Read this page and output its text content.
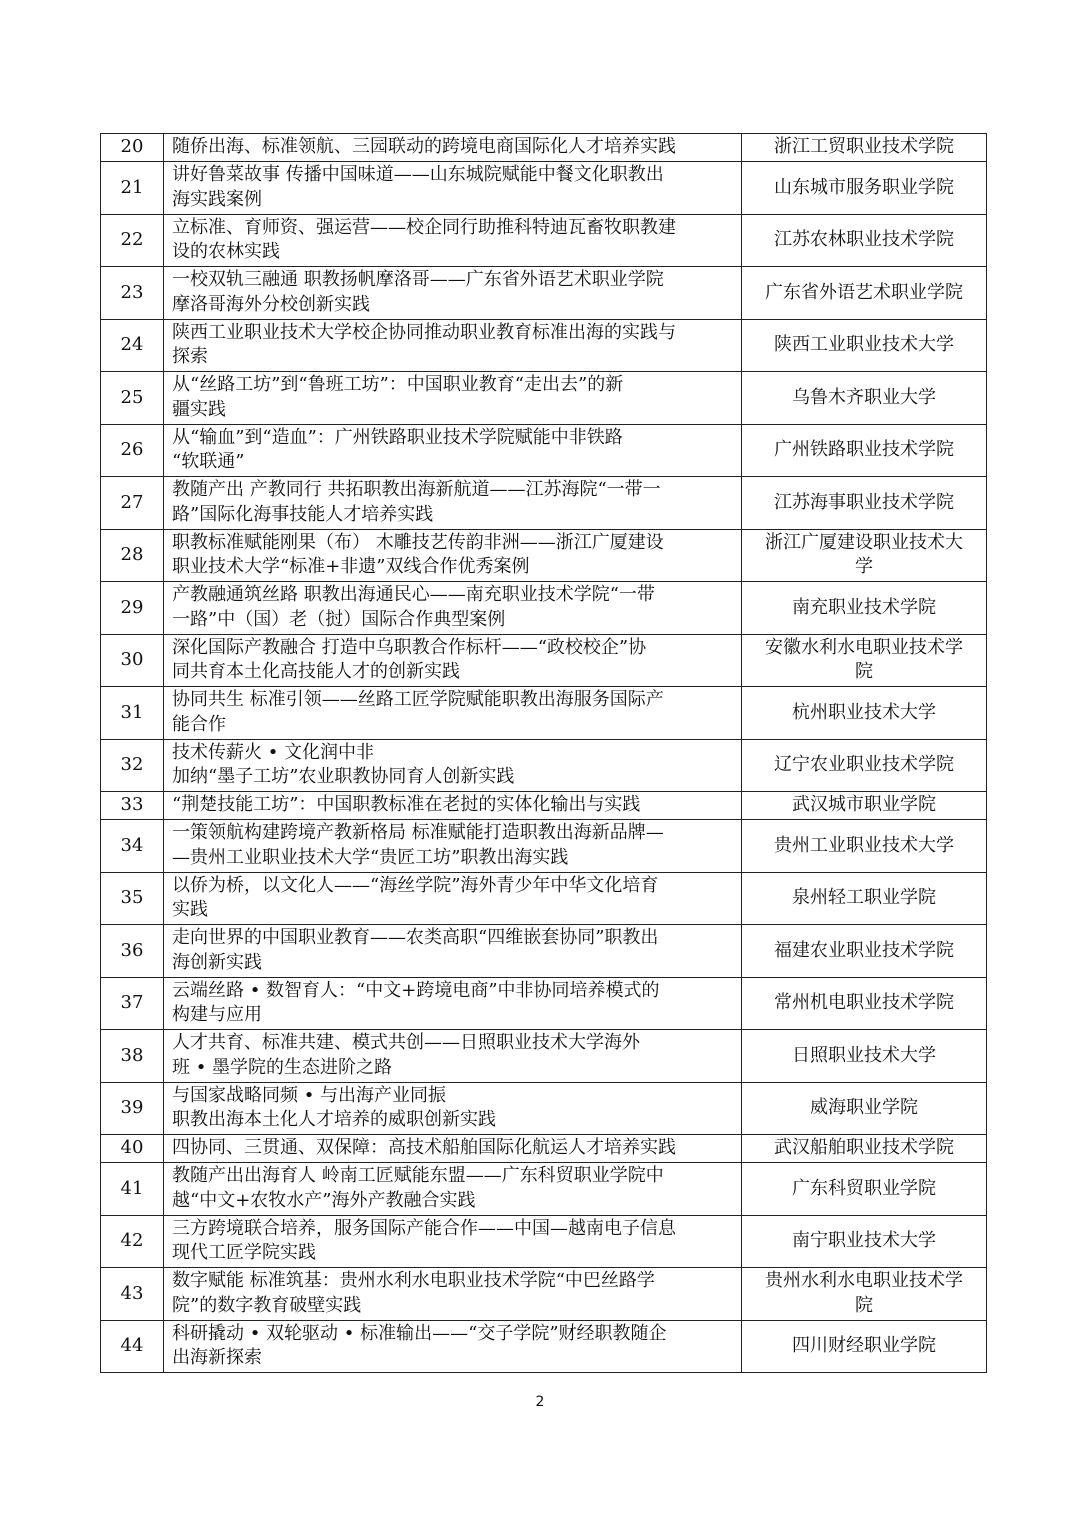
20	随侨出海、标准领航、三园联动的跨境电商国际化人才培养实践	浙江工贸职业技术学院

21	讲好鲁菜故事 传播中国味道——山东城院赋能中餐文化职教出
海实践案例	山东城市服务职业学院

22	立标准、育师资、强运营——校企同行助推科特迪瓦畜牧职教建
设的农林实践	江苏农林职业技术学院

23	一校双轨三融通 职教扬帆摩洛哥——广东省外语艺术职业学院
摩洛哥海外分校创新实践	广东省外语艺术职业学院

24	陕西工业职业技术大学校企协同推动职业教育标准出海的实践与
探索	陕西工业职业技术大学

25	从“丝路工坊”到“鲁班工坊”：中国职业教育“走出去”的新
疆实践	乌鲁木齐职业大学

26	从“输血”到“造血”：广州铁路职业技术学院赋能中非铁路
“软联通”	广州铁路职业技术学院

27	教随产出 产教同行 共拓职教出海新航道——江苏海院“一带一
路”国际化海事技能人才培养实践	江苏海事职业技术学院

28	职教标准赋能刚果（布） 木雕技艺传韵非洲——浙江广厦建设
职业技术大学“标准+非遗”双线合作优秀案例	浙江广厦建设职业技术大
学

29	产教融通筑丝路 职教出海通民心——南充职业技术学院“一带
一路”中（国）老（挝）国际合作典型案例	南充职业技术学院

30	深化国际产教融合 打造中乌职教合作标杆——“政校校企”协
同共育本土化高技能人才的创新实践	安徽水利水电职业技术学
院

31	协同共生 标准引领——丝路工匠学院赋能职教出海服务国际产
能合作	杭州职业技术大学

32	技术传薪火 • 文化润中非
加纳“墨子工坊”农业职教协同育人创新实践	辽宁农业职业技术学院

33	“荆楚技能工坊”：中国职教标准在老挝的实体化输出与实践	武汉城市职业学院

34	一策领航构建跨境产教新格局 标准赋能打造职教出海新品牌—
—贵州工业职业技术大学“贵匠工坊”职教出海实践	贵州工业职业技术大学

35	以侨为桥，以文化人——“海丝学院”海外青少年中华文化培育
实践	泉州轻工职业学院

36	走向世界的中国职业教育——农类高职“四维嵌套协同”职教出
海创新实践	福建农业职业技术学院

37	云端丝路 • 数智育人：“中文+跨境电商”中非协同培养模式的
构建与应用	常州机电职业技术学院

38	人才共育、标准共建、模式共创——日照职业技术大学海外
班 • 墨学院的生态进阶之路	日照职业技术大学

39	与国家战略同频 • 与出海产业同振
职教出海本土化人才培养的威职创新实践	威海职业学院

40	四协同、三贯通、双保障：高技术船舶国际化航运人才培养实践	武汉船舶职业技术学院

41	教随产出出海育人 岭南工匠赋能东盟——广东科贸职业学院中
越“中文+农牧水产”海外产教融合实践	广东科贸职业学院

42	三方跨境联合培养，服务国际产能合作——中国—越南电子信息
现代工匠学院实践	南宁职业技术大学

43	数字赋能 标准筑基：贵州水利水电职业技术学院“中巴丝路学
院”的数字教育破壁实践	贵州水利水电职业技术学
院

44	科研撬动 • 双轮驱动 • 标准输出——“交子学院”财经职教随企
出海新探索	四川财经职业学院
2
